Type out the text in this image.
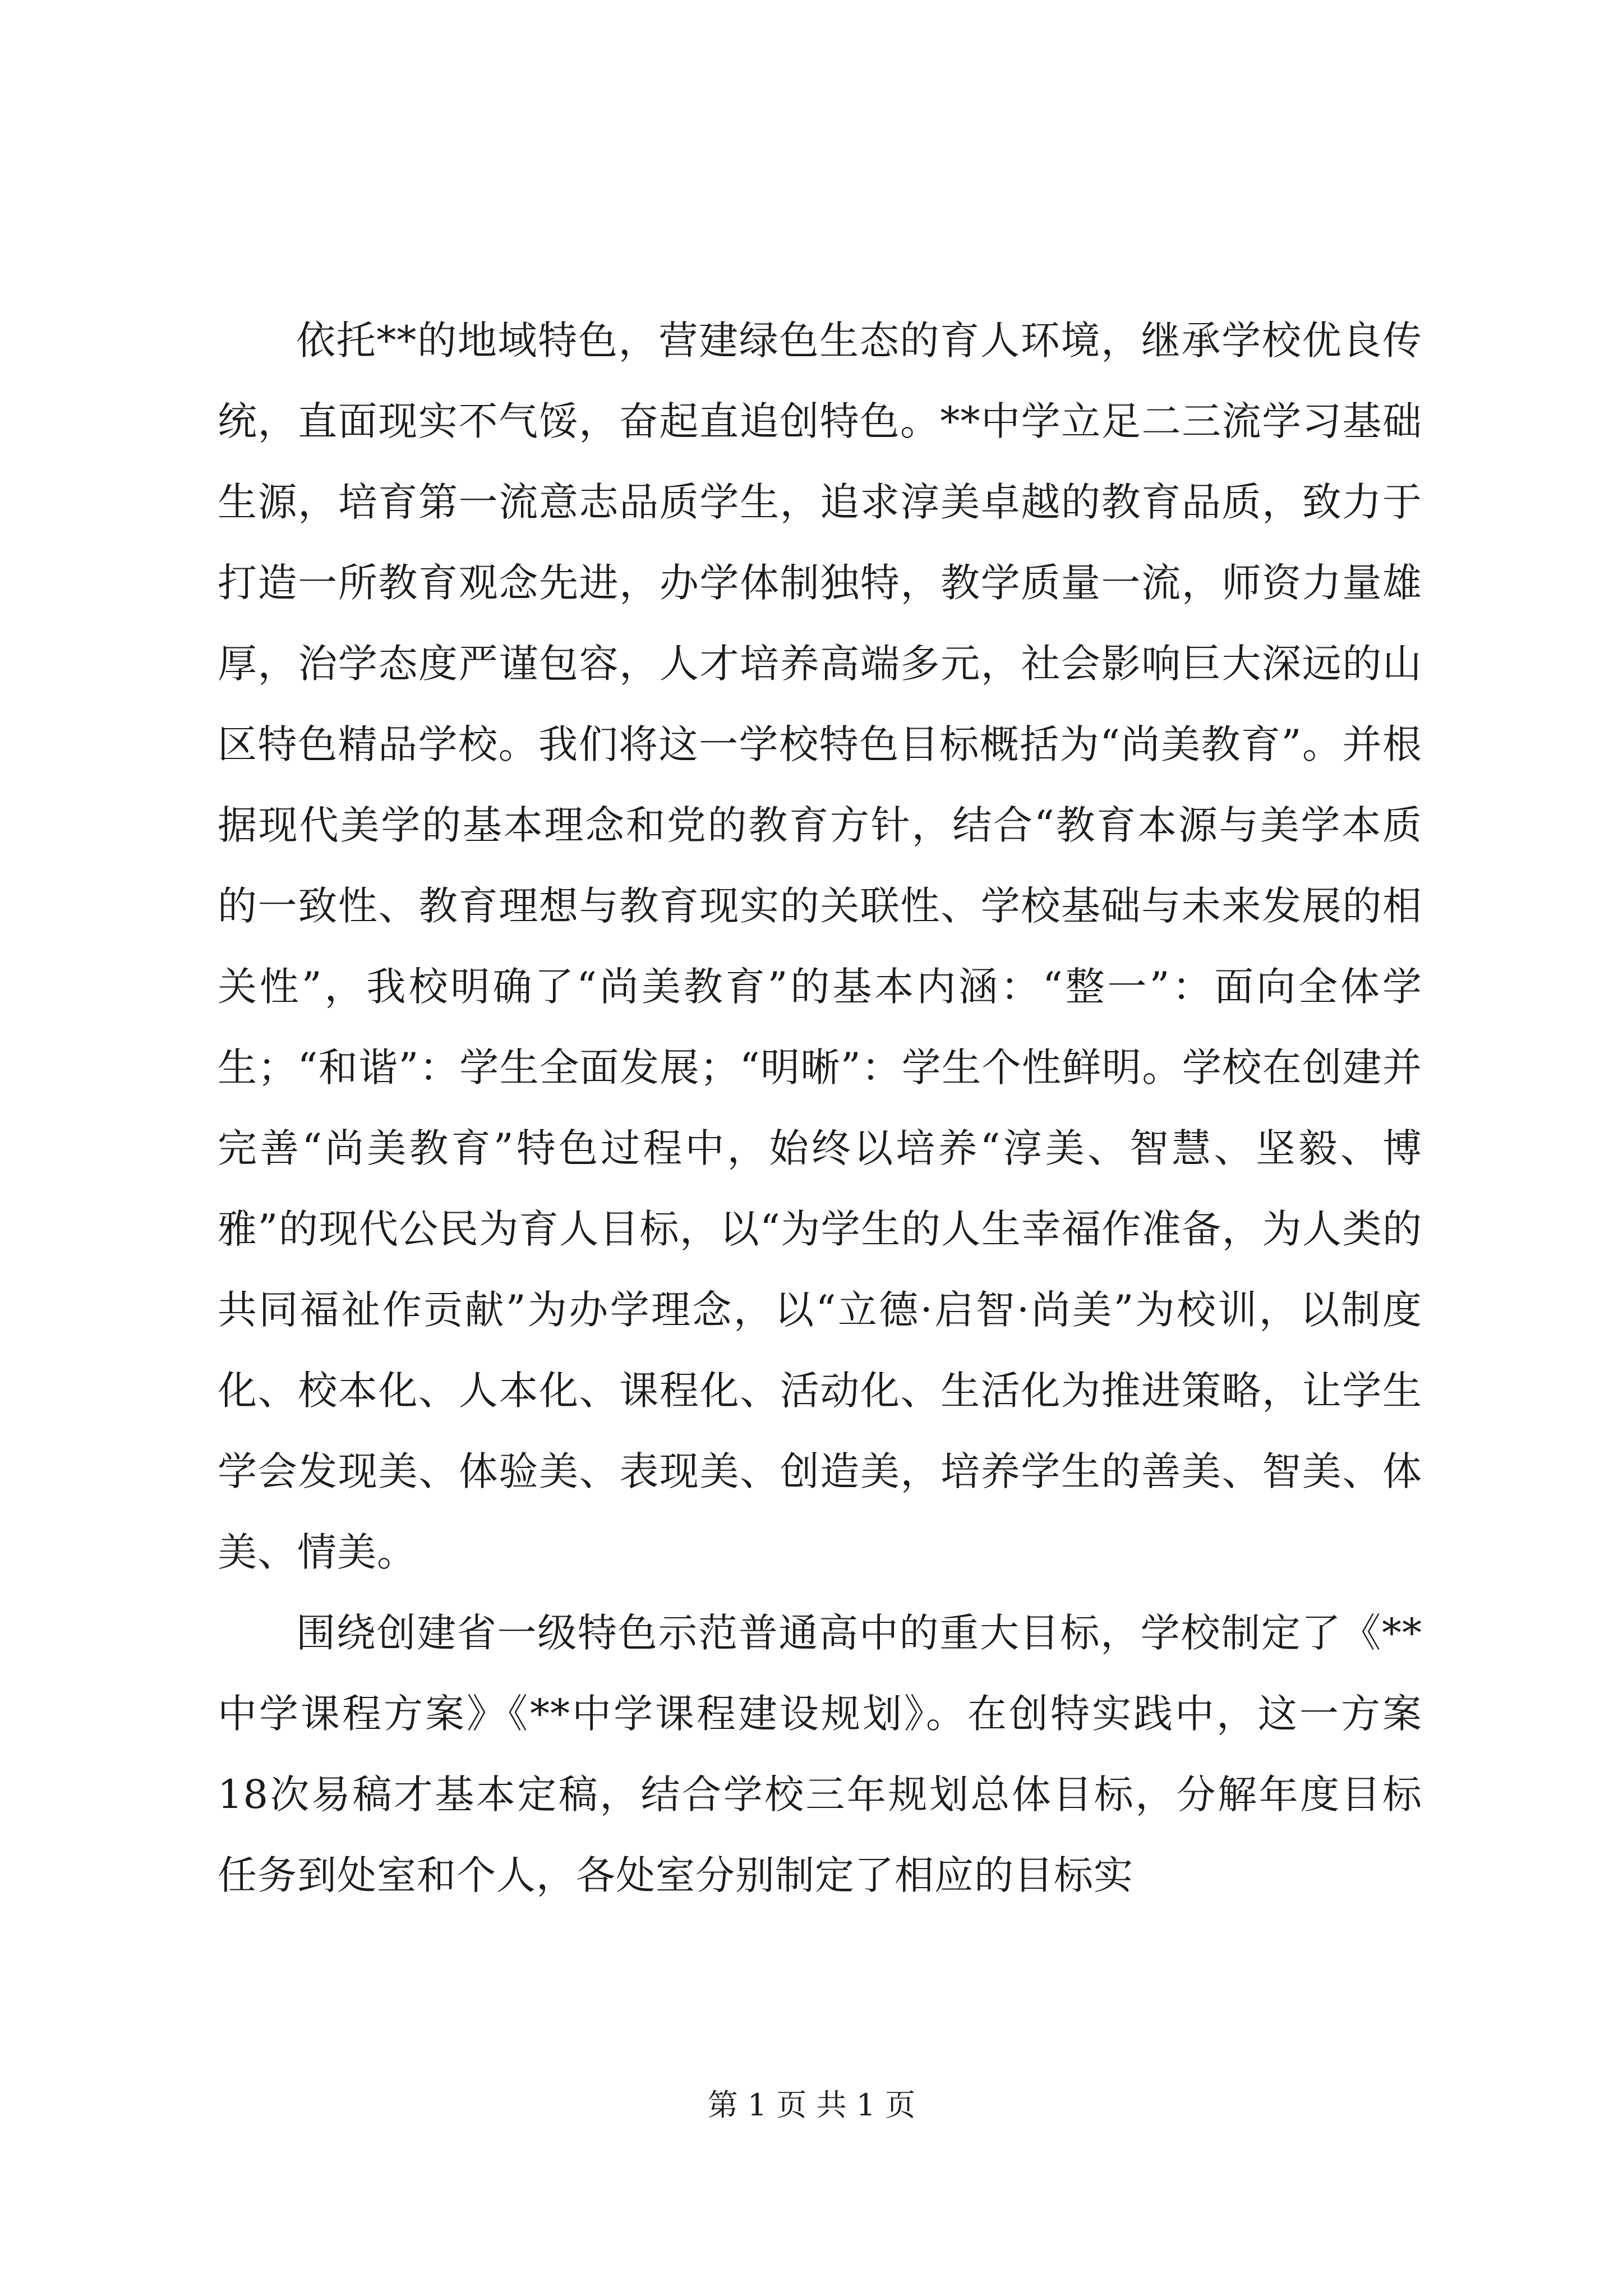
依托**的地域特色，营建绿色生态的育人环境，继承学校优良传统，直面现实不气馁，奋起直追创特色。**中学立足二三流学习基础生源，培育第一流意志品质学生，追求淳美卓越的教育品质，致力于打造一所教育观念先进，办学体制独特，教学质量一流，师资力量雄厚，治学态度严谨包容，人才培养高端多元，社会影响巨大深远的山区特色精品学校。我们将这一学校特色目标概括为“尚美教育”。并根据现代美学的基本理念和党的教育方针，结合“教育本源与美学本质的一致性、教育理想与教育现实的关联性、学校基础与未来发展的相关性”，我校明确了“尚美教育”的基本内涵：“整一”：面向全体学生；“和谐”：学生全面发展；“明晰”：学生个性鲜明。学校在创建并完善“尚美教育”特色过程中，始终以培养“淳美、智慧、坚毅、博雅”的现代公民为育人目标，以“为学生的人生幸福作准备，为人类的共同福祉作贡献”为办学理念，以“立德·启智·尚美”为校训，以制度化、校本化、人本化、课程化、活动化、生活化为推进策略，让学生学会发现美、体验美、表现美、创造美，培养学生的善美、智美、体美、情美。

围绕创建省一级特色示范普通高中的重大目标，学校制定了《**中学课程方案》《**中学课程建设规划》。在创特实践中，这一方案18次易稿才基本定稿，结合学校三年规划总体目标，分解年度目标任务到处室和个人，各处室分别制定了相应的目标实

第 1 页 共 1 页
